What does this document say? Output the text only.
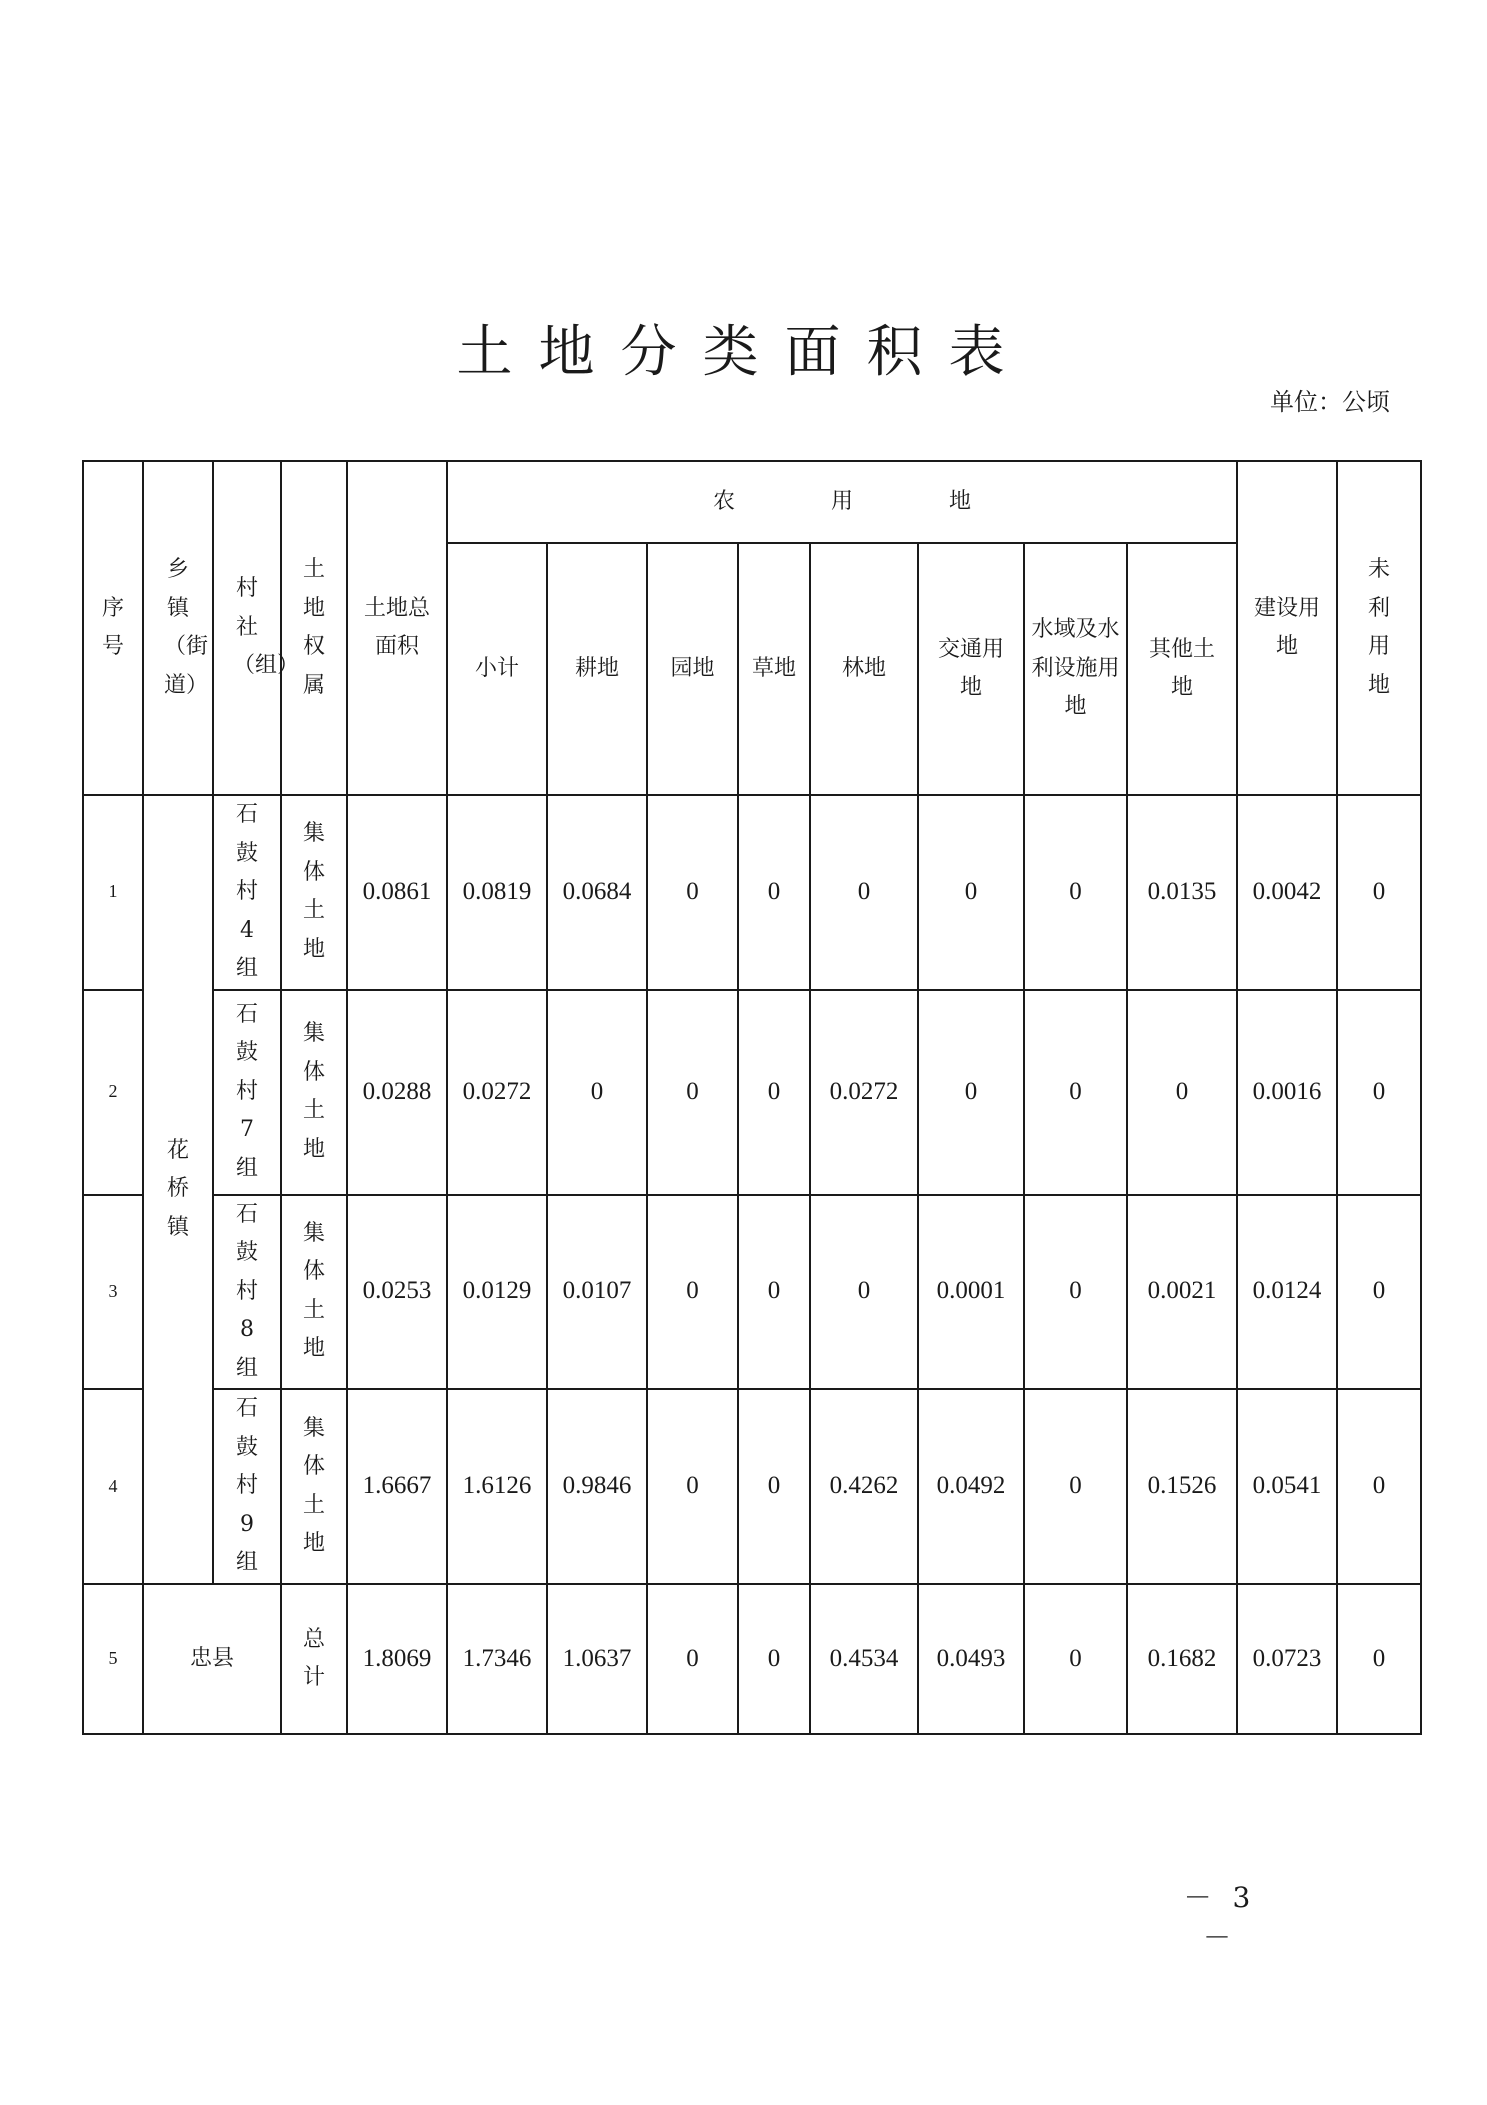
土地分类面积表
单位：公顷
序号	乡镇（街道）	村社（组）	土地权属	土地总面积	农用地								建设用地	未利用地
					小计	耕地	园地	草地	林地	交通用地	水域及水利设施用地	其他土地		
1	花桥镇	石鼓村4组	集体土地	0.0861	0.0819	0.0684	0	0	0	0	0	0.0135	0.0042	0
2		石鼓村7组	集体土地	0.0288	0.0272	0	0	0	0.0272	0	0	0	0.0016	0
3		石鼓村8组	集体土地	0.0253	0.0129	0.0107	0	0	0	0.0001	0	0.0021	0.0124	0
4		石鼓村9组	集体土地	1.6667	1.6126	0.9846	0	0	0.4262	0.0492	0	0.1526	0.0541	0
5	忠县		总计	1.8069	1.7346	1.0637	0	0	0.4534	0.0493	0	0.1682	0.0723	0
－ 3 －
